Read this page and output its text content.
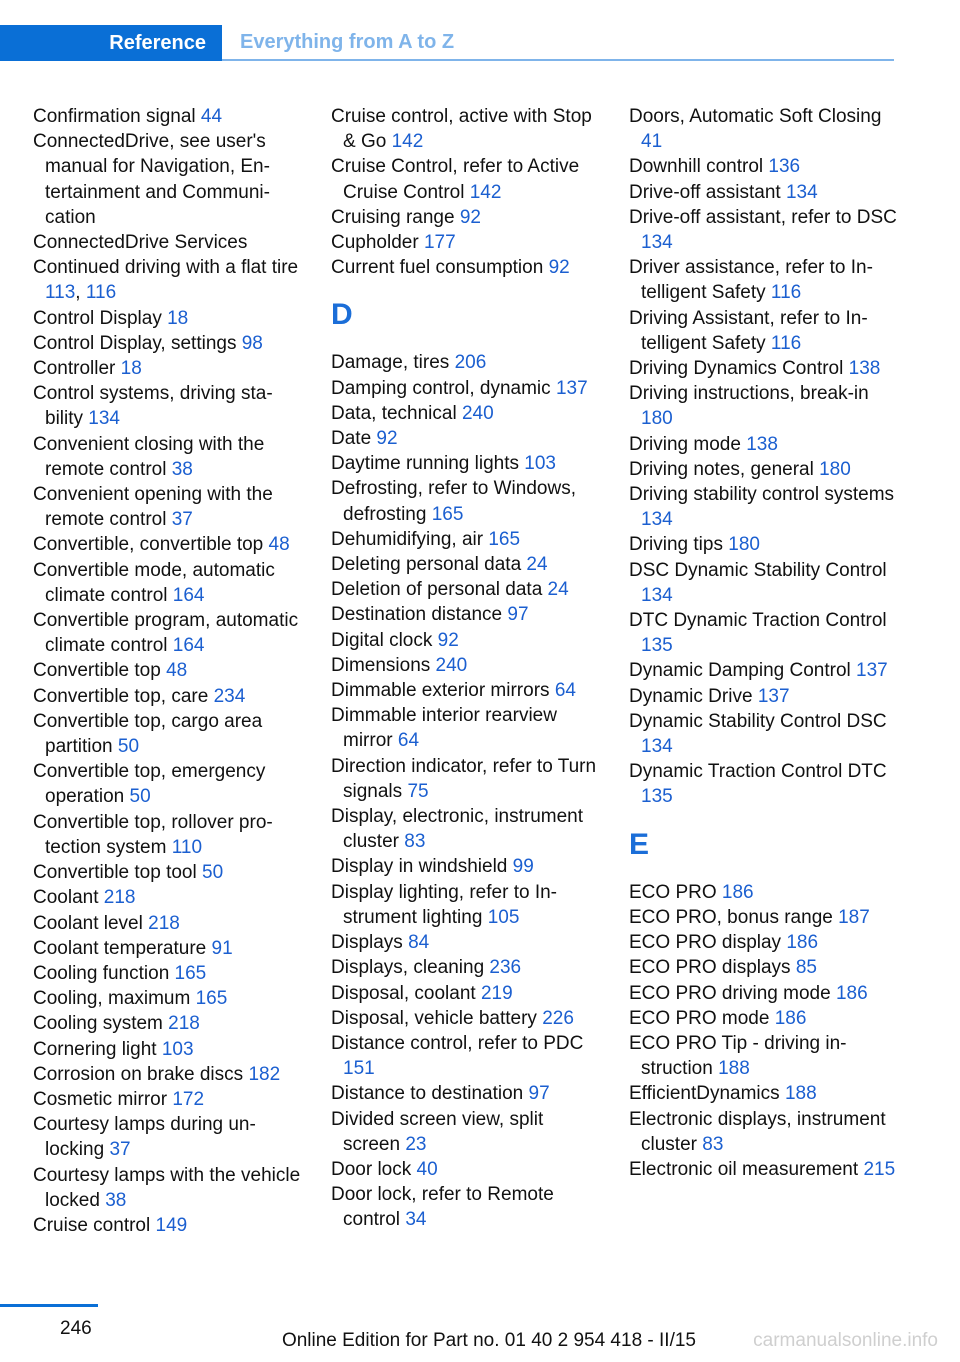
Reference	Everything from A to Z
Confirmation signal 44
ConnectedDrive, see user's manual for Navigation, Entertainment and Communication
ConnectedDrive Services
Continued driving with a flat tire 113, 116
Control Display 18
Control Display, settings 98
Controller 18
Control systems, driving stability 134
Convenient closing with the remote control 38
Convenient opening with the remote control 37
Convertible, convertible top 48
Convertible mode, automatic climate control 164
Convertible program, automatic climate control 164
Convertible top 48
Convertible top, care 234
Convertible top, cargo area partition 50
Convertible top, emergency operation 50
Convertible top, rollover protection system 110
Convertible top tool 50
Coolant 218
Coolant level 218
Coolant temperature 91
Cooling function 165
Cooling, maximum 165
Cooling system 218
Cornering light 103
Corrosion on brake discs 182
Cosmetic mirror 172
Courtesy lamps during unlocking 37
Courtesy lamps with the vehicle locked 38
Cruise control 149
Cruise control, active with Stop & Go 142
Cruise Control, refer to Active Cruise Control 142
Cruising range 92
Cupholder 177
Current fuel consumption 92
D
Damage, tires 206
Damping control, dynamic 137
Data, technical 240
Date 92
Daytime running lights 103
Defrosting, refer to Windows, defrosting 165
Dehumidifying, air 165
Deleting personal data 24
Deletion of personal data 24
Destination distance 97
Digital clock 92
Dimensions 240
Dimmable exterior mirrors 64
Dimmable interior rearview mirror 64
Direction indicator, refer to Turn signals 75
Display, electronic, instrument cluster 83
Display in windshield 99
Display lighting, refer to Instrument lighting 105
Displays 84
Displays, cleaning 236
Disposal, coolant 219
Disposal, vehicle battery 226
Distance control, refer to PDC 151
Distance to destination 97
Divided screen view, split screen 23
Door lock 40
Door lock, refer to Remote control 34
Doors, Automatic Soft Closing 41
Downhill control 136
Drive-off assistant 134
Drive-off assistant, refer to DSC 134
Driver assistance, refer to Intelligent Safety 116
Driving Assistant, refer to Intelligent Safety 116
Driving Dynamics Control 138
Driving instructions, break-in 180
Driving mode 138
Driving notes, general 180
Driving stability control systems 134
Driving tips 180
DSC Dynamic Stability Control 134
DTC Dynamic Traction Control 135
Dynamic Damping Control 137
Dynamic Drive 137
Dynamic Stability Control DSC 134
Dynamic Traction Control DTC 135
E
ECO PRO 186
ECO PRO, bonus range 187
ECO PRO display 186
ECO PRO displays 85
ECO PRO driving mode 186
ECO PRO mode 186
ECO PRO Tip - driving instruction 188
EfficientDynamics 188
Electronic displays, instrument cluster 83
Electronic oil measurement 215
246
Online Edition for Part no. 01 40 2 954 418 - II/15	carmanualsonline.info
